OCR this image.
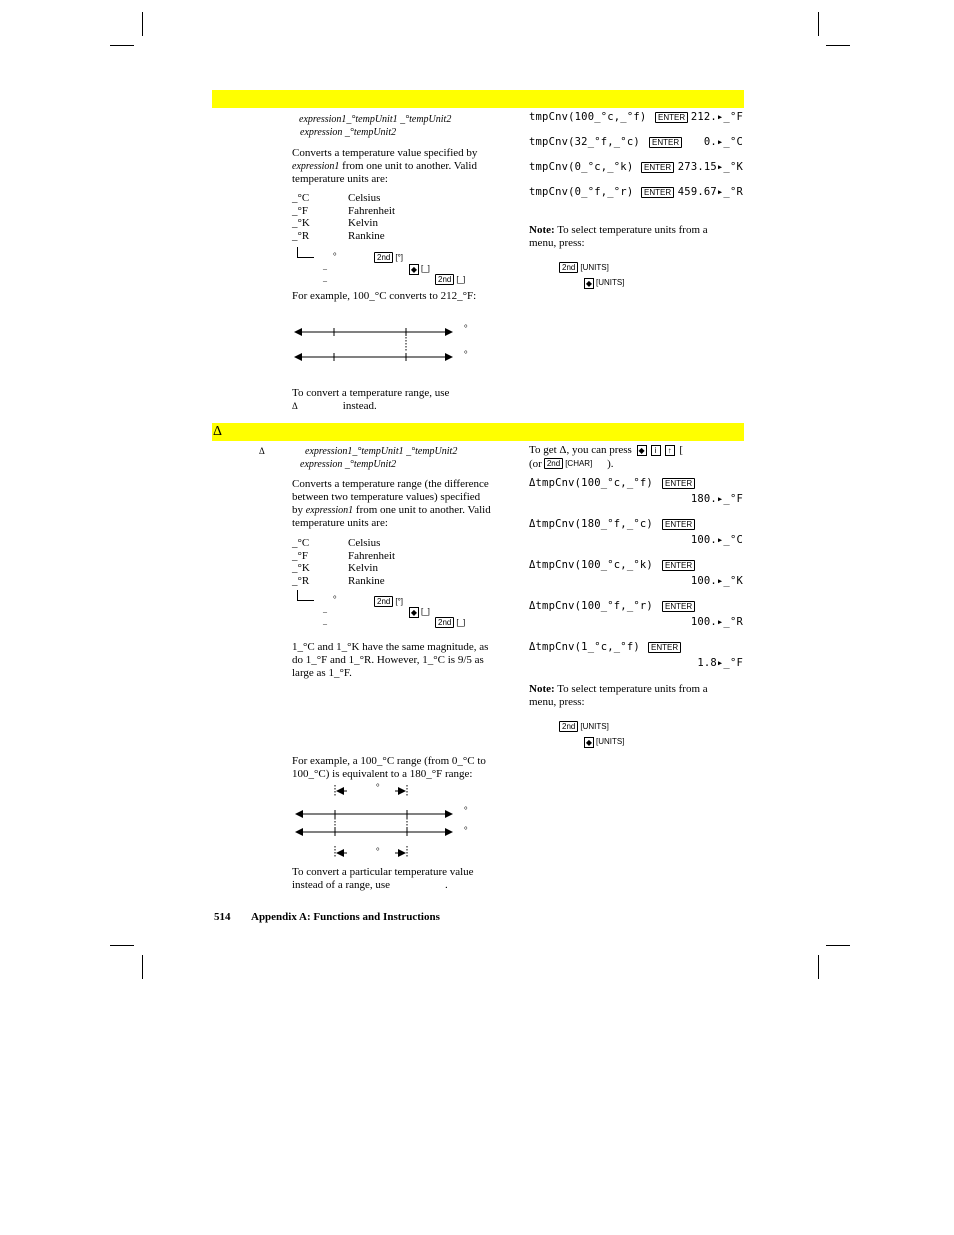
expression1_°tempUnit1 _°tempUnit2
expression _°tempUnit2
Converts a temperature value specified by
expression1 from one unit to another. Valid
temperature units are:
_°C	Celsius
_°F	Fahrenheit
_°K	Kelvin
_°R	Rankine
°	2nd [°]
–	◆ [_]
–	2nd [_]
For example, 100_°C converts to 212_°F:
°
°
To convert a temperature range, use
Δ	instead.
tmpCnv(100_°c,_°f)	ENTER 212.▸_°F
tmpCnv(32_°f,_°c)	ENTER 0.▸_°C
tmpCnv(0_°c,_°k)	ENTER 273.15▸_°K
tmpCnv(0_°f,_°r)	ENTER 459.67▸_°R
Note: To select temperature units from a
menu, press:
2nd [UNITS]
◆ [UNITS]
Δ
Δ	expression1_°tempUnit1 _°tempUnit2
expression _°tempUnit2
Converts a temperature range (the difference
between two temperature values) specified
by expression1 from one unit to another. Valid
temperature units are:
_°C	Celsius
_°F	Fahrenheit
_°K	Kelvin
_°R	Rankine
°	2nd [°]
–	◆ [_]
–	2nd [_]
1_°C and 1_°K have the same magnitude, as
do 1_°F and 1_°R. However, 1_°C is 9/5 as
large as 1_°F.
For example, a 100_°C range (from 0_°C to
100_°C) is equivalent to a 180_°F range:
°
°
°
°
To convert a particular temperature value
instead of a range, use	.
To get Δ, you can press ◆ i ↑ [
(or 2nd [CHAR] ).
ΔtmpCnv(100_°c,_°f)	ENTER
180.▸_°F
ΔtmpCnv(180_°f,_°c)	ENTER
100.▸_°C
ΔtmpCnv(100_°c,_°k)	ENTER
100.▸_°K
ΔtmpCnv(100_°f,_°r)	ENTER
100.▸_°R
ΔtmpCnv(1_°c,_°f)	ENTER
1.8▸_°F
Note: To select temperature units from a
menu, press:
2nd [UNITS]
◆ [UNITS]
514 Appendix A: Functions and Instructions
